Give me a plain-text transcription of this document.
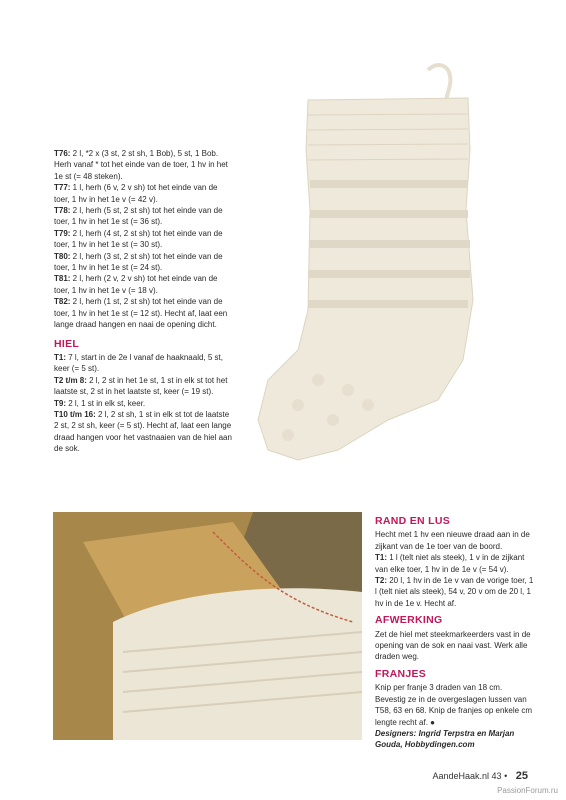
T76: 2 l, *2 x (3 st, 2 st sh, 1 Bob), 5 st, 1 Bob. Herh vanaf * tot het einde van de toer, 1 hv in het 1e st (= 48 steken).

T77: 1 l, herh (6 v, 2 v sh) tot het einde van de toer, 1 hv in het 1e v (= 42 v).

T78: 2 l, herh (5 st, 2 st sh) tot het einde van de toer, 1 hv in het 1e st (= 36 st).

T79: 2 l, herh (4 st, 2 st sh) tot het einde van de toer, 1 hv in het 1e st (= 30 st).

T80: 2 l, herh (3 st, 2 st sh) tot het einde van de toer, 1 hv in het 1e st (= 24 st).

T81: 2 l, herh (2 v, 2 v sh) tot het einde van de toer, 1 hv in het 1e v (= 18 v).

T82: 2 l, herh (1 st, 2 st sh) tot het einde van de toer, 1 hv in het 1e st (= 12 st). Hecht af, laat een lange draad hangen en naai de opening dicht.

HIEL

T1: 7 l, start in de 2e l vanaf de haaknaald, 5 st, keer (= 5 st).

T2 t/m 8: 2 l, 2 st in het 1e st, 1 st in elk st tot het laatste st, 2 st in het laatste st, keer (= 19 st).

T9: 2 l, 1 st in elk st, keer.

T10 t/m 16: 2 l, 2 st sh, 1 st in elk st tot de laatste 2 st, 2 st sh, keer (= 5 st). Hecht af, laat een lange draad hangen voor het vastnaaien van de hiel aan de sok.

RAND EN LUS

Hecht met 1 hv een nieuwe draad aan in de zijkant van de 1e toer van de boord.

T1: 1 l (telt niet als steek), 1 v in de zijkant van elke toer, 1 hv in de 1e v (= 54 v).

T2: 20 l, 1 hv in de 1e v van de vorige toer, 1 l (telt niet als steek), 54 v, 20 v om de 20 l, 1 hv in de 1e v. Hecht af.

AFWERKING

Zet de hiel met steekmarkeerders vast in de opening van de sok en naai vast. Werk alle draden weg.

FRANJES

Knip per franje 3 draden van 18 cm. Bevestig ze in de overgeslagen lussen van T58, 63 en 68. Knip de franjes op enkele cm lengte recht af. ●

Designers: Ingrid Terpstra en Marjan Gouda, Hobbydingen.com

AandeHaak.nl 43 • 25
PassionForum.ru
